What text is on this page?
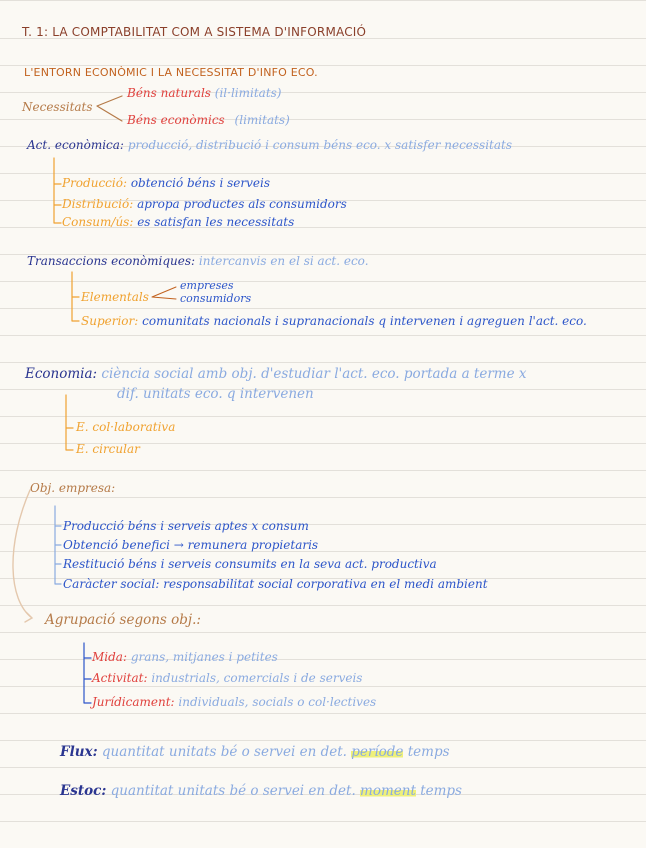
T. 1: LA COMPTABILITAT COM A SISTEMA D'INFORMACIÓ
L'ENTORN ECONÒMIC I LA NECESSITAT D'INFO ECO.
Necessitats
Béns naturals (il·limitats)
Béns econòmics (limitats)
Act. econòmica: producció, distribució i consum béns eco. x satisfer necessitats
Producció: obtenció béns i serveis
Distribució: apropa productes als consumidors
Consum/ús: es satisfan les necessitats
Transaccions econòmiques: intercanvis en el si act. eco.
Elementals
empreses
consumidors
Superior: comunitats nacionals i supranacionals q intervenen i agreguen l'act. eco.
Economia: ciència social amb obj. d'estudiar l'act. eco. portada a terme x
dif. unitats eco. q intervenen
E. col·laborativa
E. circular
Obj. empresa:
Producció béns i serveis aptes x consum
Obtenció benefici → remunera propietaris
Restitució béns i serveis consumits en la seva act. productiva
Caràcter social: responsabilitat social corporativa en el medi ambient
Agrupació segons obj.:
Mida: grans, mitjanes i petites
Activitat: industrials, comercials i de serveis
Jurídicament: individuals, socials o col·lectives
Flux: quantitat unitats bé o servei en det. període temps
Estoc: quantitat unitats bé o servei en det. moment temps
